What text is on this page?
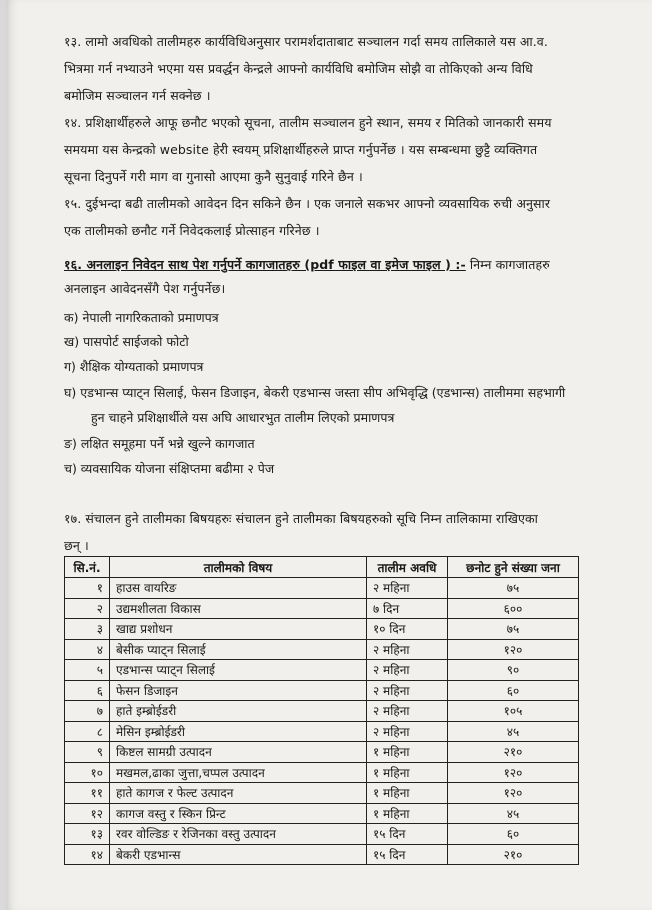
१३. लामो अवधिको तालीमहरु कार्यविधिअनुसार परामर्शदाताबाट सञ्चालन गर्दा समय तालिकाले यस आ.व.
भित्रमा गर्न नभ्याउने भएमा यस प्रवर्द्धन केन्द्रले आफ्नो कार्यविधि बमोजिम सोझै वा तोकिएको अन्य विधि
बमोजिम सञ्चालन गर्न सक्नेछ ।
१४. प्रशिक्षार्थीहरुले आफू छनौट भएको सूचना, तालीम सञ्चालन हुने स्थान, समय र मितिको जानकारी समय
समयमा यस केन्द्रको website हेरी स्वयम् प्रशिक्षार्थीहरुले प्राप्त गर्नुपर्नेछ । यस सम्बन्धमा छुट्टै व्यक्तिगत
सूचना दिनुपर्ने गरी माग वा गुनासो आएमा कुनै सुनुवाई गरिने छैन ।
१५. दुईभन्दा बढी तालीमको आवेदन दिन सकिने छैन । एक जनाले सकभर आफ्नो व्यवसायिक रुची अनुसार
एक तालीमको छनौट गर्ने निवेदकलाई प्रोत्साहन गरिनेछ ।
१६. अनलाइन निवेदन साथ पेश गर्नुपर्ने कागजातहरु (pdf फाइल वा इमेज फाइल ) :- निम्न कागजातहरु
अनलाइन आवेदनसँगै पेश गर्नुपर्नेछ।
क) नेपाली नागरिकताको प्रमाणपत्र
ख) पासपोर्ट साईजको फोटो
ग) शैक्षिक योग्यताको प्रमाणपत्र
घ) एडभान्स प्याट्न सिलाई, फेसन डिजाइन, बेकरी एडभान्स जस्ता सीप अभिवृद्धि (एडभान्स) तालीममा सहभागी
हुन चाहने प्रशिक्षार्थीले यस अघि आधारभुत तालीम लिएको प्रमाणपत्र
ङ) लक्षित समूहमा पर्ने भन्ने खुल्ने कागजात
च) व्यवसायिक योजना संक्षिप्तमा बढीमा २ पेज
१७. संचालन हुने तालीमका बिषयहरुः संचालन हुने तालीमका बिषयहरुको सूचि निम्न तालिकामा राखिएका
छन् ।
सि.नं.	तालीमको विषय	तालीम अवधि	छनोट हुने संख्या जना
१	हाउस वायरिङ	२ महिना	७५
२	उद्यमशीलता विकास	७ दिन	६००
३	खाद्य प्रशोधन	१० दिन	७५
४	बेसीक प्याट्न सिलाई	२ महिना	१२०
५	एडभान्स प्याट्न सिलाई	२ महिना	९०
६	फेसन डिजाइन	२ महिना	६०
७	हाते इम्ब्रोईडरी	२ महिना	१०५
८	मेसिन इम्ब्रोईडरी	२ महिना	४५
९	किष्टल सामग्री उत्पादन	१ महिना	२१०
१०	मखमल,ढाका जुत्ता,चप्पल उत्पादन	१ महिना	१२०
११	हाते कागज र फेल्ट उत्पादन	१ महिना	१२०
१२	कागज वस्तु र स्किन प्रिन्ट	१ महिना	४५
१३	रवर वोल्डिङ र रेजिनका वस्तु उत्पादन	१५ दिन	६०
१४	बेकरी एडभान्स	१५ दिन	२१०
